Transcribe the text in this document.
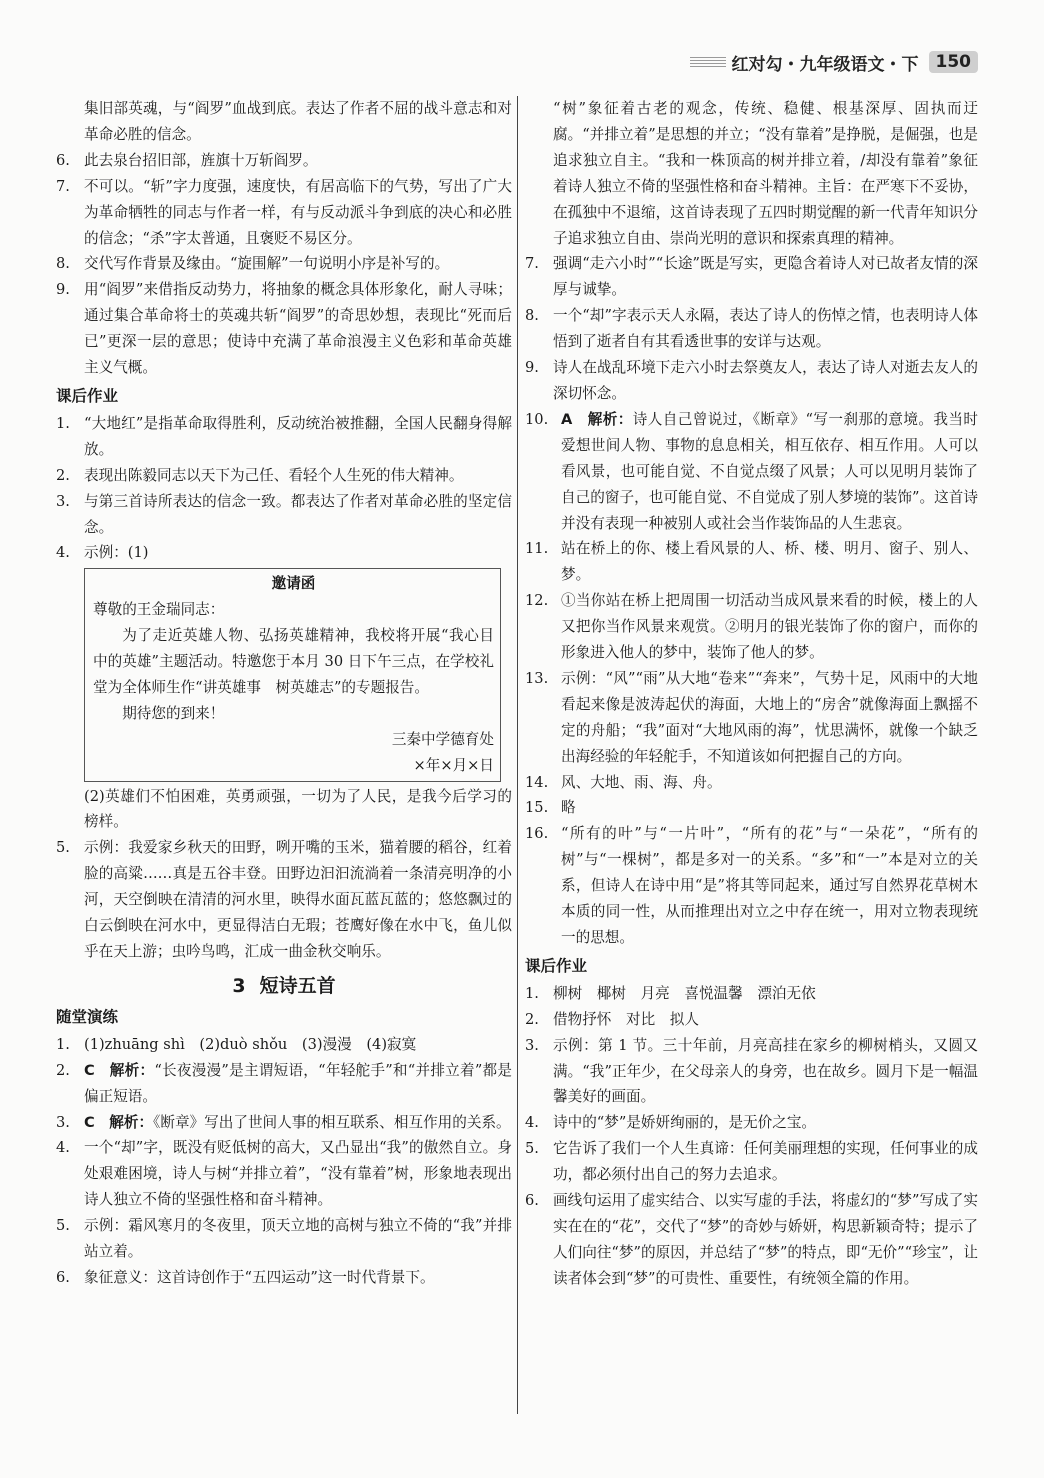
红对勾・九年级语文・下	150
集旧部英魂，与“阎罗”血战到底。表达了作者不屈的战斗意志和对革命必胜的信念。
6. 此去泉台招旧部，旌旗十万斩阎罗。
7. 不可以。“斩”字力度强，速度快，有居高临下的气势，写出了广大为革命牺牲的同志与作者一样，有与反动派斗争到底的决心和必胜的信念；“杀”字太普通，且褒贬不易区分。
8. 交代写作背景及缘由。“旋围解”一句说明小序是补写的。
9. 用“阎罗”来借指反动势力，将抽象的概念具体形象化，耐人寻味；通过集合革命将士的英魂共斩“阎罗”的奇思妙想，表现比“死而后已”更深一层的意思；使诗中充满了革命浪漫主义色彩和革命英雄主义气概。
课后作业
1. “大地红”是指革命取得胜利，反动统治被推翻，全国人民翻身得解放。
2. 表现出陈毅同志以天下为己任、看轻个人生死的伟大精神。
3. 与第三首诗所表达的信念一致。都表达了作者对革命必胜的坚定信念。
4. 示例：(1)
邀请函
尊敬的王金瑞同志：
为了走近英雄人物、弘扬英雄精神，我校将开展“我心目中的英雄”主题活动。特邀您于本月 30 日下午三点，在学校礼堂为全体师生作“讲英雄事　树英雄志”的专题报告。
期待您的到来！
三秦中学德育处
×年×月×日
(2)英雄们不怕困难，英勇顽强，一切为了人民，是我今后学习的榜样。
5. 示例：我爱家乡秋天的田野，咧开嘴的玉米，猫着腰的稻谷，红着脸的高粱……真是五谷丰登。田野边汩汩流淌着一条清亮明净的小河，天空倒映在清清的河水里，映得水面瓦蓝瓦蓝的；悠悠飘过的白云倒映在河水中，更显得洁白无瑕；苍鹰好像在水中飞，鱼儿似乎在天上游；虫吟鸟鸣，汇成一曲金秋交响乐。
3 短诗五首
随堂演练
1. (1)zhuāng shì　(2)duò shǒu　(3)漫漫　(4)寂寞
2. C　解析：“长夜漫漫”是主谓短语，“年轻舵手”和“并排立着”都是偏正短语。
3. C　解析：《断章》写出了世间人事的相互联系、相互作用的关系。
4. 一个“却”字，既没有贬低树的高大，又凸显出“我”的傲然自立。身处艰难困境，诗人与树“并排立着”，“没有靠着”树，形象地表现出诗人独立不倚的坚强性格和奋斗精神。
5. 示例：霜风寒月的冬夜里，顶天立地的高树与独立不倚的“我”并排站立着。
6. 象征意义：这首诗创作于“五四运动”这一时代背景下。
“树”象征着古老的观念，传统、稳健、根基深厚、固执而迂腐。“并排立着”是思想的并立；“没有靠着”是挣脱，是倔强，也是追求独立自主。“我和一株顶高的树并排立着，/却没有靠着”象征着诗人独立不倚的坚强性格和奋斗精神。主旨：在严寒下不妥协，在孤独中不退缩，这首诗表现了五四时期觉醒的新一代青年知识分子追求独立自由、崇尚光明的意识和探索真理的精神。
7. 强调“走六小时”“长途”既是写实，更隐含着诗人对已故者友情的深厚与诚挚。
8. 一个“却”字表示天人永隔，表达了诗人的伤悼之情，也表明诗人体悟到了逝者自有其看透世事的安详与达观。
9. 诗人在战乱环境下走六小时去祭奠友人，表达了诗人对逝去友人的深切怀念。
10. A　解析：诗人自己曾说过，《断章》“写一刹那的意境。我当时爱想世间人物、事物的息息相关，相互依存、相互作用。人可以看风景，也可能自觉、不自觉点缀了风景；人可以见明月装饰了自己的窗子，也可能自觉、不自觉成了别人梦境的装饰”。这首诗并没有表现一种被别人或社会当作装饰品的人生悲哀。
11. 站在桥上的你、楼上看风景的人、桥、楼、明月、窗子、别人、梦。
12. ①当你站在桥上把周围一切活动当成风景来看的时候，楼上的人又把你当作风景来观赏。②明月的银光装饰了你的窗户，而你的形象进入他人的梦中，装饰了他人的梦。
13. 示例：“风”“雨”从大地“卷来”“奔来”，气势十足，风雨中的大地看起来像是波涛起伏的海面，大地上的“房舍”就像海面上飘摇不定的舟船；“我”面对“大地风雨的海”，忧思满怀，就像一个缺乏出海经验的年轻舵手，不知道该如何把握自己的方向。
14. 风、大地、雨、海、舟。
15. 略
16. “所有的叶”与“一片叶”，“所有的花”与“一朵花”，“所有的树”与“一棵树”，都是多对一的关系。“多”和“一”本是对立的关系，但诗人在诗中用“是”将其等同起来，通过写自然界花草树木本质的同一性，从而推理出对立之中存在统一，用对立物表现统一的思想。
课后作业
1. 柳树　椰树　月亮　喜悦温馨　漂泊无依
2. 借物抒怀　对比　拟人
3. 示例：第 1 节。三十年前，月亮高挂在家乡的柳树梢头，又圆又满。“我”正年少，在父母亲人的身旁，也在故乡。圆月下是一幅温馨美好的画面。
4. 诗中的“梦”是娇妍绚丽的，是无价之宝。
5. 它告诉了我们一个人生真谛：任何美丽理想的实现，任何事业的成功，都必须付出自己的努力去追求。
6. 画线句运用了虚实结合、以实写虚的手法，将虚幻的“梦”写成了实实在在的“花”，交代了“梦”的奇妙与娇妍，构思新颖奇特；提示了人们向往“梦”的原因，并总结了“梦”的特点，即“无价”“珍宝”，让读者体会到“梦”的可贵性、重要性，有统领全篇的作用。
